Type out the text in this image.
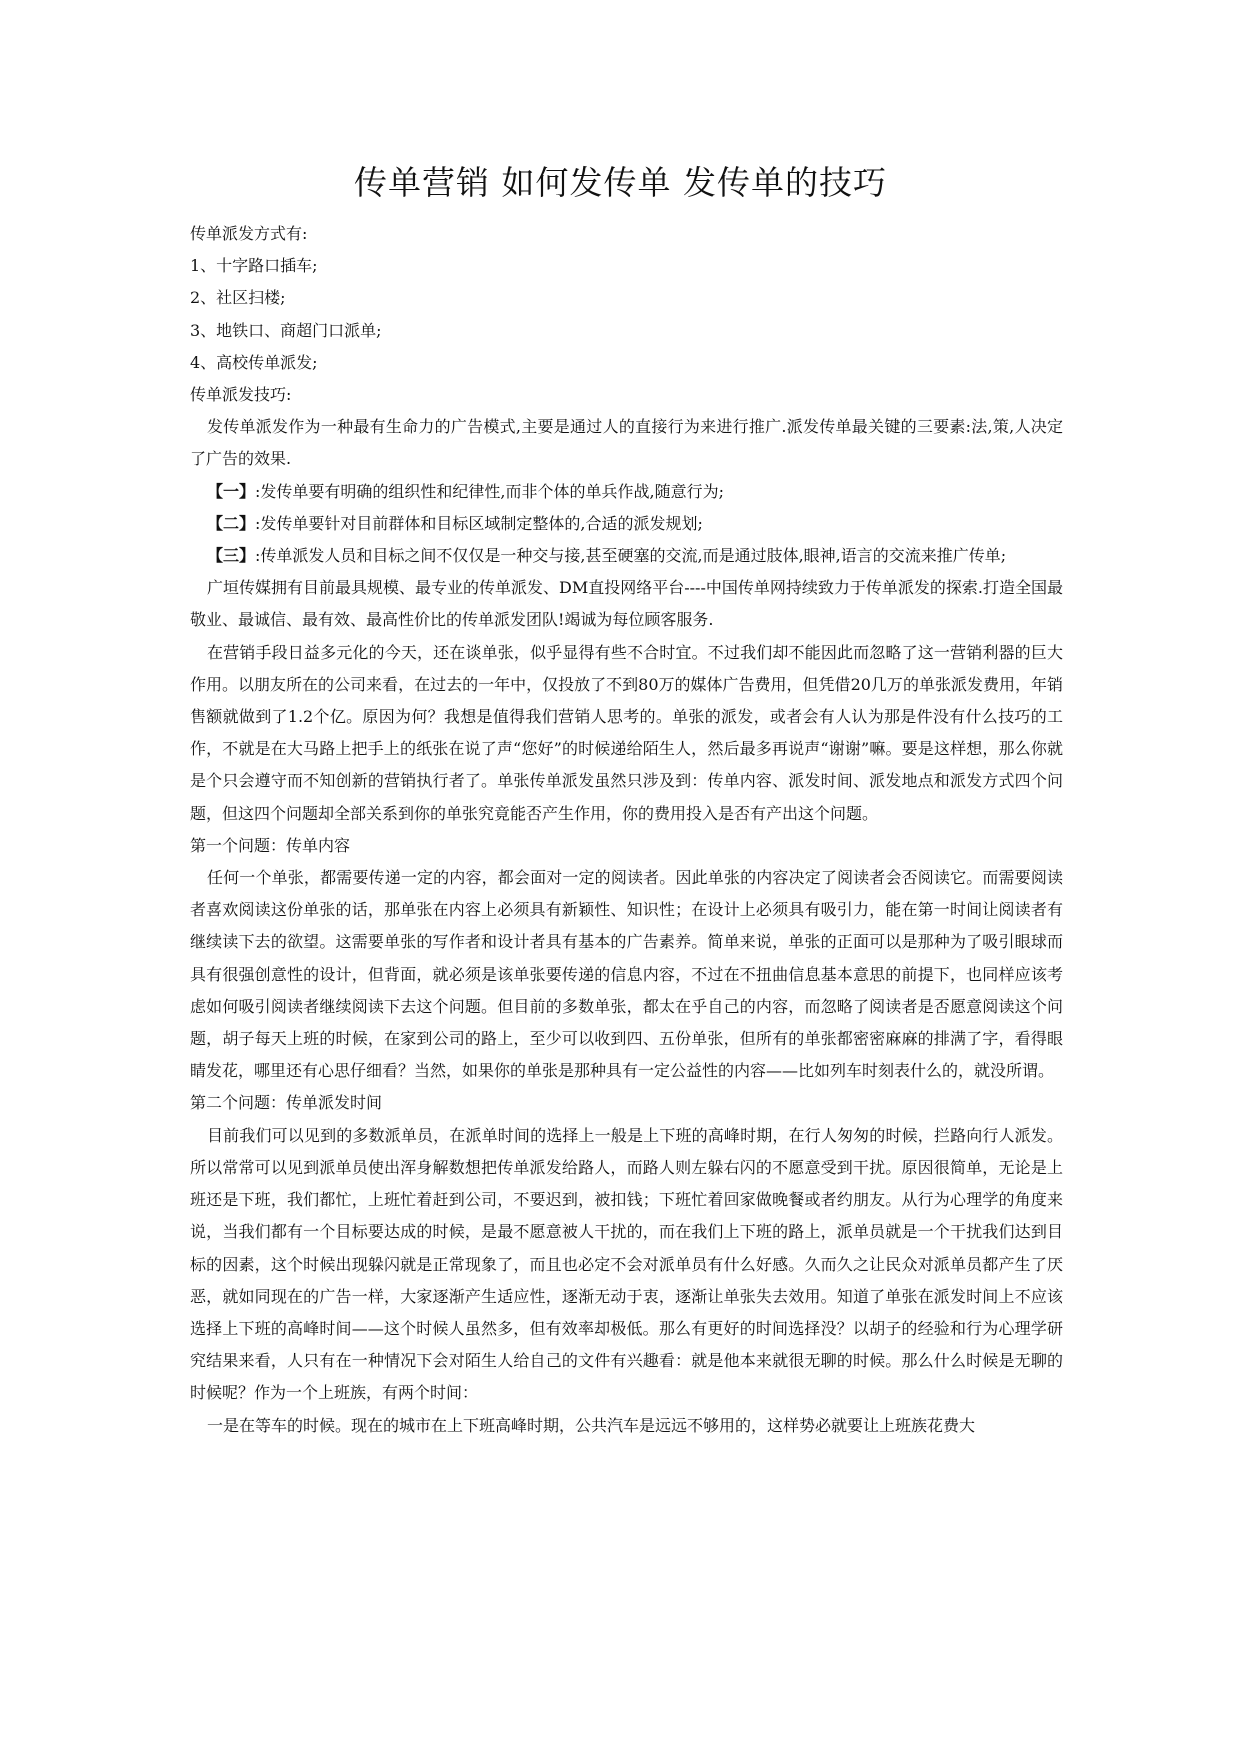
传单营销 如何发传单 发传单的技巧

传单派发方式有:

1、十字路口插车;

2、社区扫楼;

3、地铁口、商超门口派单;

4、高校传单派发;

传单派发技巧:

发传单派发作为一种最有生命力的广告模式,主要是通过人的直接行为来进行推广.派发传单最关键的三要素:法,策,人决定了广告的效果.

【一】:发传单要有明确的组织性和纪律性,而非个体的单兵作战,随意行为;

【二】:发传单要针对目前群体和目标区域制定整体的,合适的派发规划;

【三】:传单派发人员和目标之间不仅仅是一种交与接,甚至硬塞的交流,而是通过肢体,眼神,语言的交流来推广传单;

广垣传媒拥有目前最具规模、最专业的传单派发、DM直投网络平台----中国传单网持续致力于传单派发的探索.打造全国最敬业、最诚信、最有效、最高性价比的传单派发团队!竭诚为每位顾客服务.

在营销手段日益多元化的今天，还在谈单张，似乎显得有些不合时宜。不过我们却不能因此而忽略了这一营销利器的巨大作用。以朋友所在的公司来看，在过去的一年中，仅投放了不到80万的媒体广告费用，但凭借20几万的单张派发费用，年销售额就做到了1.2个亿。原因为何？我想是值得我们营销人思考的。单张的派发，或者会有人认为那是件没有什么技巧的工作，不就是在大马路上把手上的纸张在说了声“您好”的时候递给陌生人，然后最多再说声“谢谢”嘛。要是这样想，那么你就是个只会遵守而不知创新的营销执行者了。单张传单派发虽然只涉及到：传单内容、派发时间、派发地点和派发方式四个问题，但这四个问题却全部关系到你的单张究竟能否产生作用，你的费用投入是否有产出这个问题。

第一个问题：传单内容

任何一个单张，都需要传递一定的内容，都会面对一定的阅读者。因此单张的内容决定了阅读者会否阅读它。而需要阅读者喜欢阅读这份单张的话，那单张在内容上必须具有新颖性、知识性；在设计上必须具有吸引力，能在第一时间让阅读者有继续读下去的欲望。这需要单张的写作者和设计者具有基本的广告素养。简单来说，单张的正面可以是那种为了吸引眼球而具有很强创意性的设计，但背面，就必须是该单张要传递的信息内容，不过在不扭曲信息基本意思的前提下，也同样应该考虑如何吸引阅读者继续阅读下去这个问题。但目前的多数单张，都太在乎自己的内容，而忽略了阅读者是否愿意阅读这个问题，胡子每天上班的时候，在家到公司的路上，至少可以收到四、五份单张，但所有的单张都密密麻麻的排满了字，看得眼睛发花，哪里还有心思仔细看？当然，如果你的单张是那种具有一定公益性的内容——比如列车时刻表什么的，就没所谓。

第二个问题：传单派发时间

目前我们可以见到的多数派单员，在派单时间的选择上一般是上下班的高峰时期，在行人匆匆的时候，拦路向行人派发。所以常常可以见到派单员使出浑身解数想把传单派发给路人，而路人则左躲右闪的不愿意受到干扰。原因很简单，无论是上班还是下班，我们都忙，上班忙着赶到公司，不要迟到，被扣钱；下班忙着回家做晚餐或者约朋友。从行为心理学的角度来说，当我们都有一个目标要达成的时候，是最不愿意被人干扰的，而在我们上下班的路上，派单员就是一个干扰我们达到目标的因素，这个时候出现躲闪就是正常现象了，而且也必定不会对派单员有什么好感。久而久之让民众对派单员都产生了厌恶，就如同现在的广告一样，大家逐渐产生适应性，逐渐无动于衷，逐渐让单张失去效用。知道了单张在派发时间上不应该选择上下班的高峰时间——这个时候人虽然多，但有效率却极低。那么有更好的时间选择没？以胡子的经验和行为心理学研究结果来看，人只有在一种情况下会对陌生人给自己的文件有兴趣看：就是他本来就很无聊的时候。那么什么时候是无聊的时候呢？作为一个上班族，有两个时间：

一是在等车的时候。现在的城市在上下班高峰时期，公共汽车是远远不够用的，这样势必就要让上班族花费大
